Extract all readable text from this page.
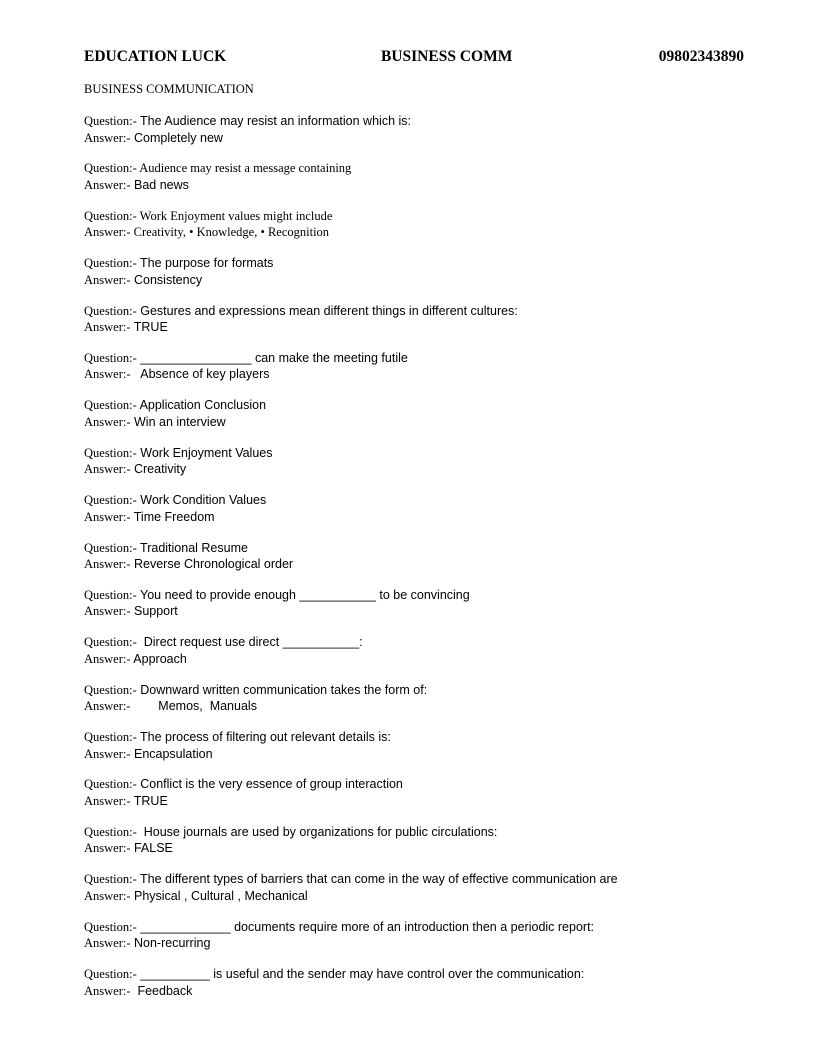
EDUCATION LUCK	BUSINESS COMM	09802343890
BUSINESS COMMUNICATION
Question:- The Audience may resist an information which is:
Answer:- Completely new
Question:- Audience may resist a message containing
Answer:- Bad news
Question:- Work Enjoyment values might include
Answer:- Creativity, • Knowledge, • Recognition
Question:- The purpose for formats
Answer:- Consistency
Question:- Gestures and expressions mean different things in different cultures:
Answer:- TRUE
Question:- ________________ can make the meeting futile
Answer:-   Absence of key players
Question:- Application Conclusion
Answer:- Win an interview
Question:- Work Enjoyment Values
Answer:- Creativity
Question:- Work Condition Values
Answer:- Time Freedom
Question:- Traditional Resume
Answer:- Reverse Chronological order
Question:- You need to provide enough ___________ to be convincing
Answer:- Support
Question:-  Direct request use direct ___________:
Answer:- Approach
Question:- Downward written communication takes the form of:
Answer:-        Memos,  Manuals
Question:- The process of filtering out relevant details is:
Answer:- Encapsulation
Question:- Conflict is the very essence of group interaction
Answer:- TRUE
Question:-  House journals are used by organizations for public circulations:
Answer:- FALSE
Question:- The different types of barriers that can come in the way of effective communication are
Answer:- Physical , Cultural , Mechanical
Question:- _____________ documents require more of an introduction then a periodic report:
Answer:- Non-recurring
Question:- __________ is useful and the sender may have control over the communication:
Answer:-  Feedback
